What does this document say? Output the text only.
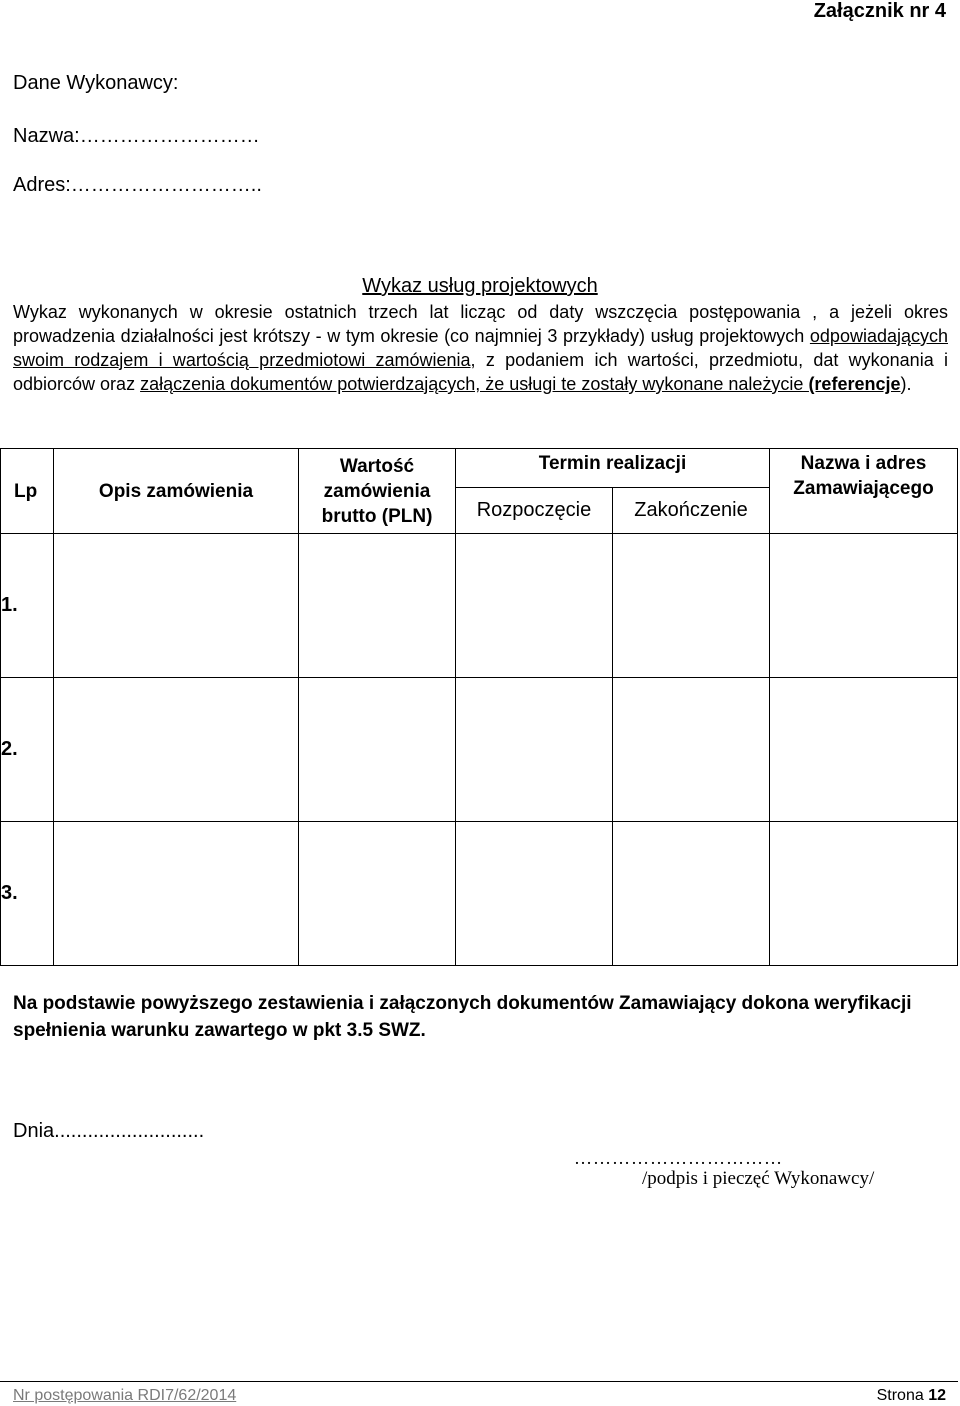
Załącznik nr 4
Dane Wykonawcy:
Nazwa:………………………
Adres:………………………..
Wykaz usług projektowych
Wykaz wykonanych w okresie ostatnich trzech lat licząc od daty wszczęcia postępowania , a jeżeli okres prowadzenia działalności jest krótszy - w tym okresie (co najmniej 3 przykłady) usług projektowych odpowiadających swoim rodzajem i wartością przedmiotowi zamówienia, z podaniem ich wartości, przedmiotu, dat wykonania i odbiorców oraz załączenia dokumentów potwierdzających, że usługi te zostały wykonane należycie (referencje).
Lp	Opis zamówienia	Wartość zamówienia brutto (PLN)	Termin realizacji		Nazwa i adres Zamawiającego
			Rozpoczęcie	Zakończenie	
1.					
2.					
3.					
Na podstawie powyższego zestawienia i załączonych dokumentów Zamawiający dokona weryfikacji spełnienia warunku zawartego w pkt 3.5 SWZ.
Dnia...........................
……………………………
/podpis i pieczęć Wykonawcy/
Nr postępowania RDI7/62/2014	Strona 12
